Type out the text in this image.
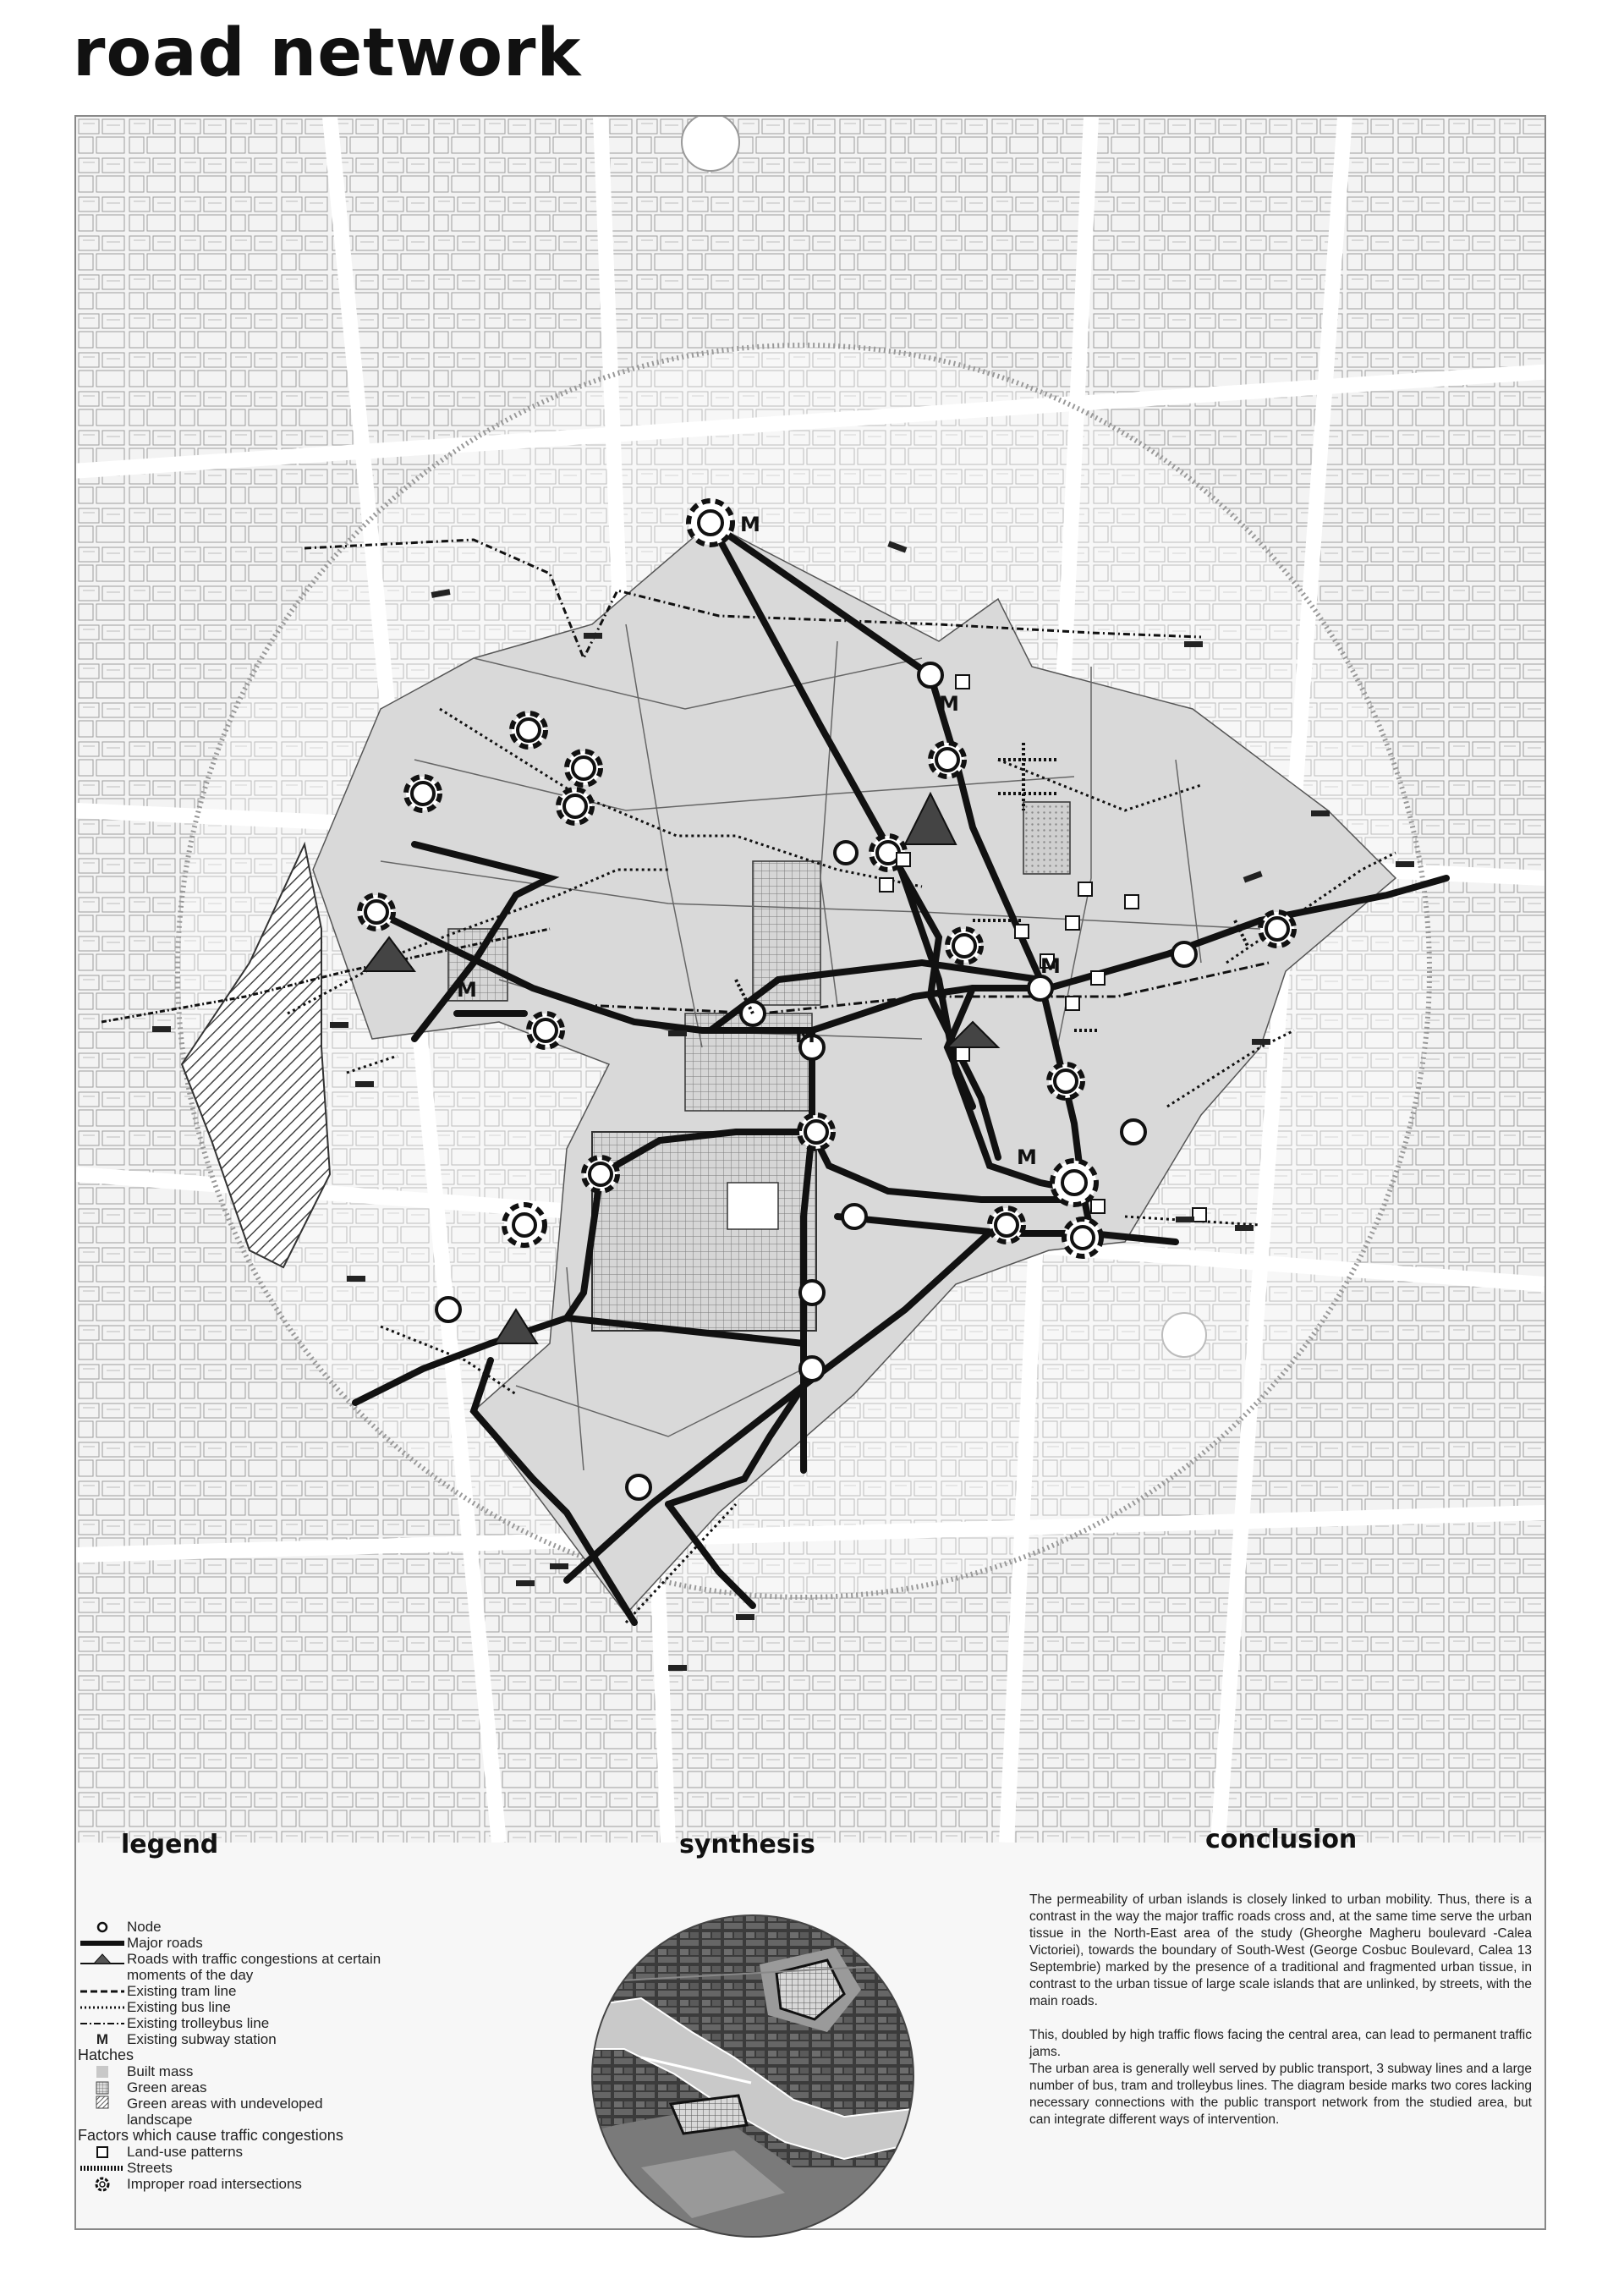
road network
M
M
M
M
M
M
legend	synthesis	conclusion
Node
Major roads
Roads with traffic congestions at certain
moments of the day
Existing tram line
Existing bus line
Existing trolleybus line
M	Existing subway station
Hatches
Built mass
Green areas
Green areas with undeveloped
landscape
Factors which cause traffic congestions
Land-use patterns
Streets
Improper road intersections

The permeability of urban islands is closely linked to urban mobility. Thus, there is a contrast in the way the major traffic roads cross and, at the same time serve the urban tissue in the North-East area of the study (Gheorghe Magheru boulevard -Calea Victoriei), towards the boundary of South-West (George Cosbuc Boulevard, Calea 13 Septembrie) marked by the presence of a traditional and fragmented urban tissue, in contrast to the urban tissue of large scale islands that are unlinked, by streets, with the main roads.

This, doubled by high traffic flows facing the central area, can lead to permanent traffic jams.

The urban area is generally well served by public transport, 3 subway lines and a large number of bus, tram and trolleybus lines. The diagram beside marks two cores lacking necessary connections with the public transport network from the studied area, but can integrate different ways of intervention.
